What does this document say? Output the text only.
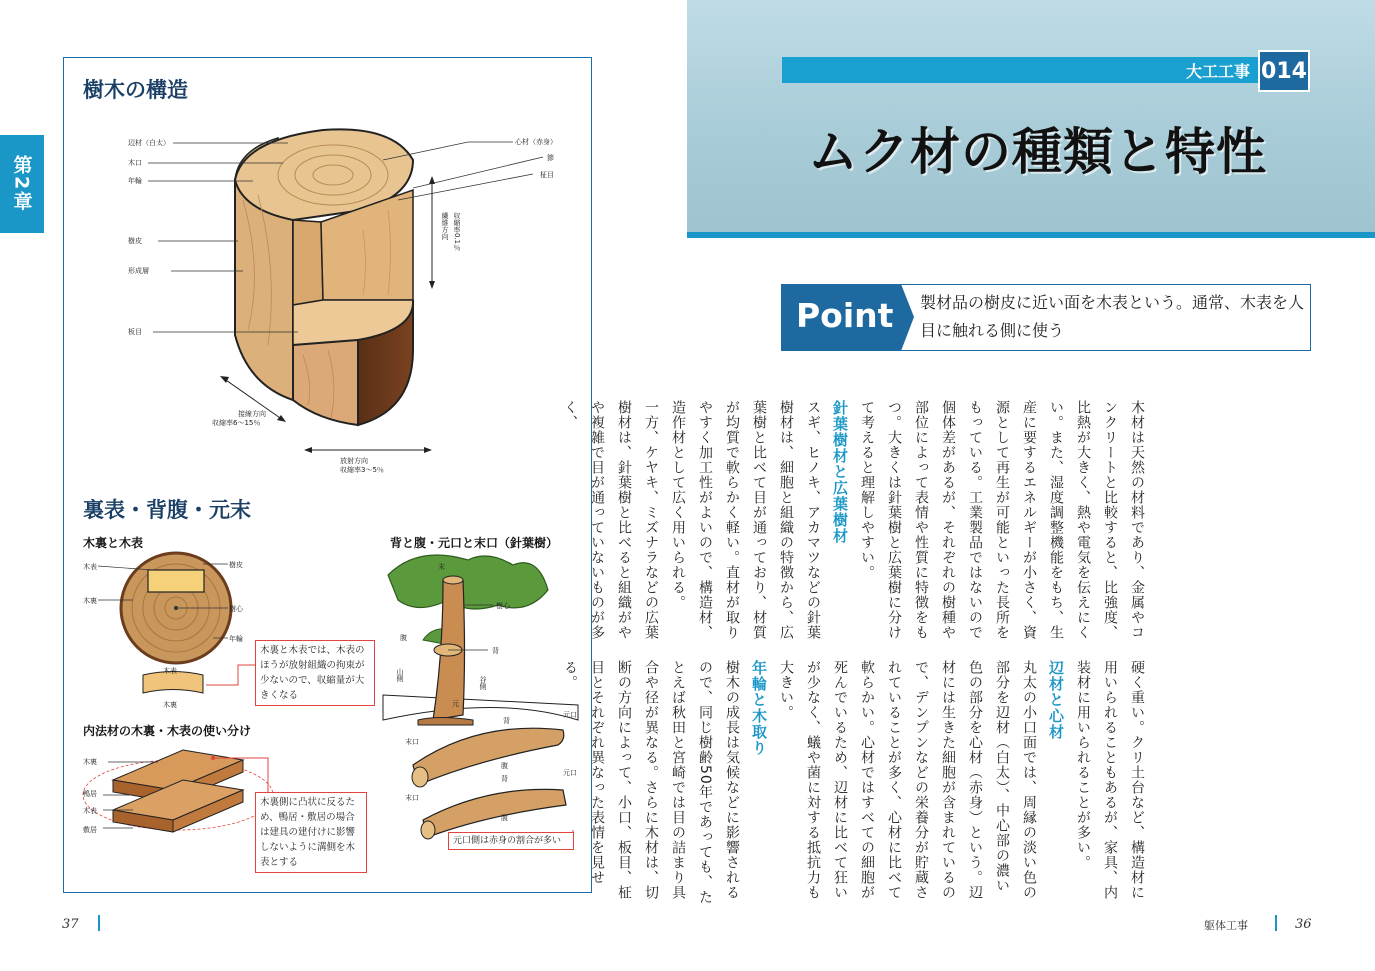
第2章
樹木の構造
辺材（白太）
木口
年輪
樹皮
形成層
板目
心材（赤身）
節
柾目
繊維方向 収縮率0.1％
接線方向
収縮率6～15％
放射方向
収縮率3～5％
裏表・背腹・元末
木裏と木表	背と腹・元口と末口（針葉樹）
木表
木裏
樹皮
樹心
年輪
木表
木裏
木裏と木表では、木表のほうが放射組織の拘束が少ないので、収縮量が大きくなる
内法材の木裏・木表の使い分け
木裏
鴨居
木表
敷居
木裏側に凸状に反るため、鴨居・敷居の場合は建具の建付けに影響しないように溝側を木表とする
末
樹心
腹
背
山側
元
谷側
背
元口
末口
腹
背
元口
末口
腹
元口側は赤身の割合が多い
37
大工工事 014
ムク材の種類と特性
Point 製材品の樹皮に近い面を木表という。通常、木表を人目に触れる側に使う
木材は天然の材料であり、金属やコンクリートと比較すると、比強度、比熱が大きく、熱や電気を伝えにくい。また、湿度調整機能をもち、生産に要するエネルギーが小さく、資源として再生が可能といった長所をもっている。工業製品ではないので個体差があるが、それぞれの樹種や部位によって表情や性質に特徴をもつ。大きくは針葉樹と広葉樹に分けて考えると理解しやすい。
針葉樹材と広葉樹材
スギ、ヒノキ、アカマツなどの針葉樹材は、細胞と組織の特徴から、広葉樹と比べて目が通っており、材質が均質で軟らかく軽い。直材が取りやすく加工性がよいので、構造材、造作材として広く用いられる。
一方、ケヤキ、ミズナラなどの広葉樹材は、針葉樹と比べると組織がやや複雑で目が通っていないものが多く、
硬く重い。クリ土台など、構造材に用いられることもあるが、家具、内装材に用いられることが多い。
辺材と心材
丸太の小口面では、周縁の淡い色の部分を辺材（白太）、中心部の濃い色の部分を心材（赤身）という。辺材には生きた細胞が含まれているので、デンプンなどの栄養分が貯蔵されていることが多く、心材に比べて軟らかい。心材ではすべての細胞が死んでいるため、辺材に比べて狂いが少なく、蟻や菌に対する抵抗力も大きい。
年輪と木取り
樹木の成長は気候などに影響されるので、同じ樹齢50年であっても、たとえば秋田と宮崎では目の詰まり具合や径が異なる。さらに木材は、切断の方向によって、小口、板目、柾目とそれぞれ異なった表情を見せる。
躯体工事	36
